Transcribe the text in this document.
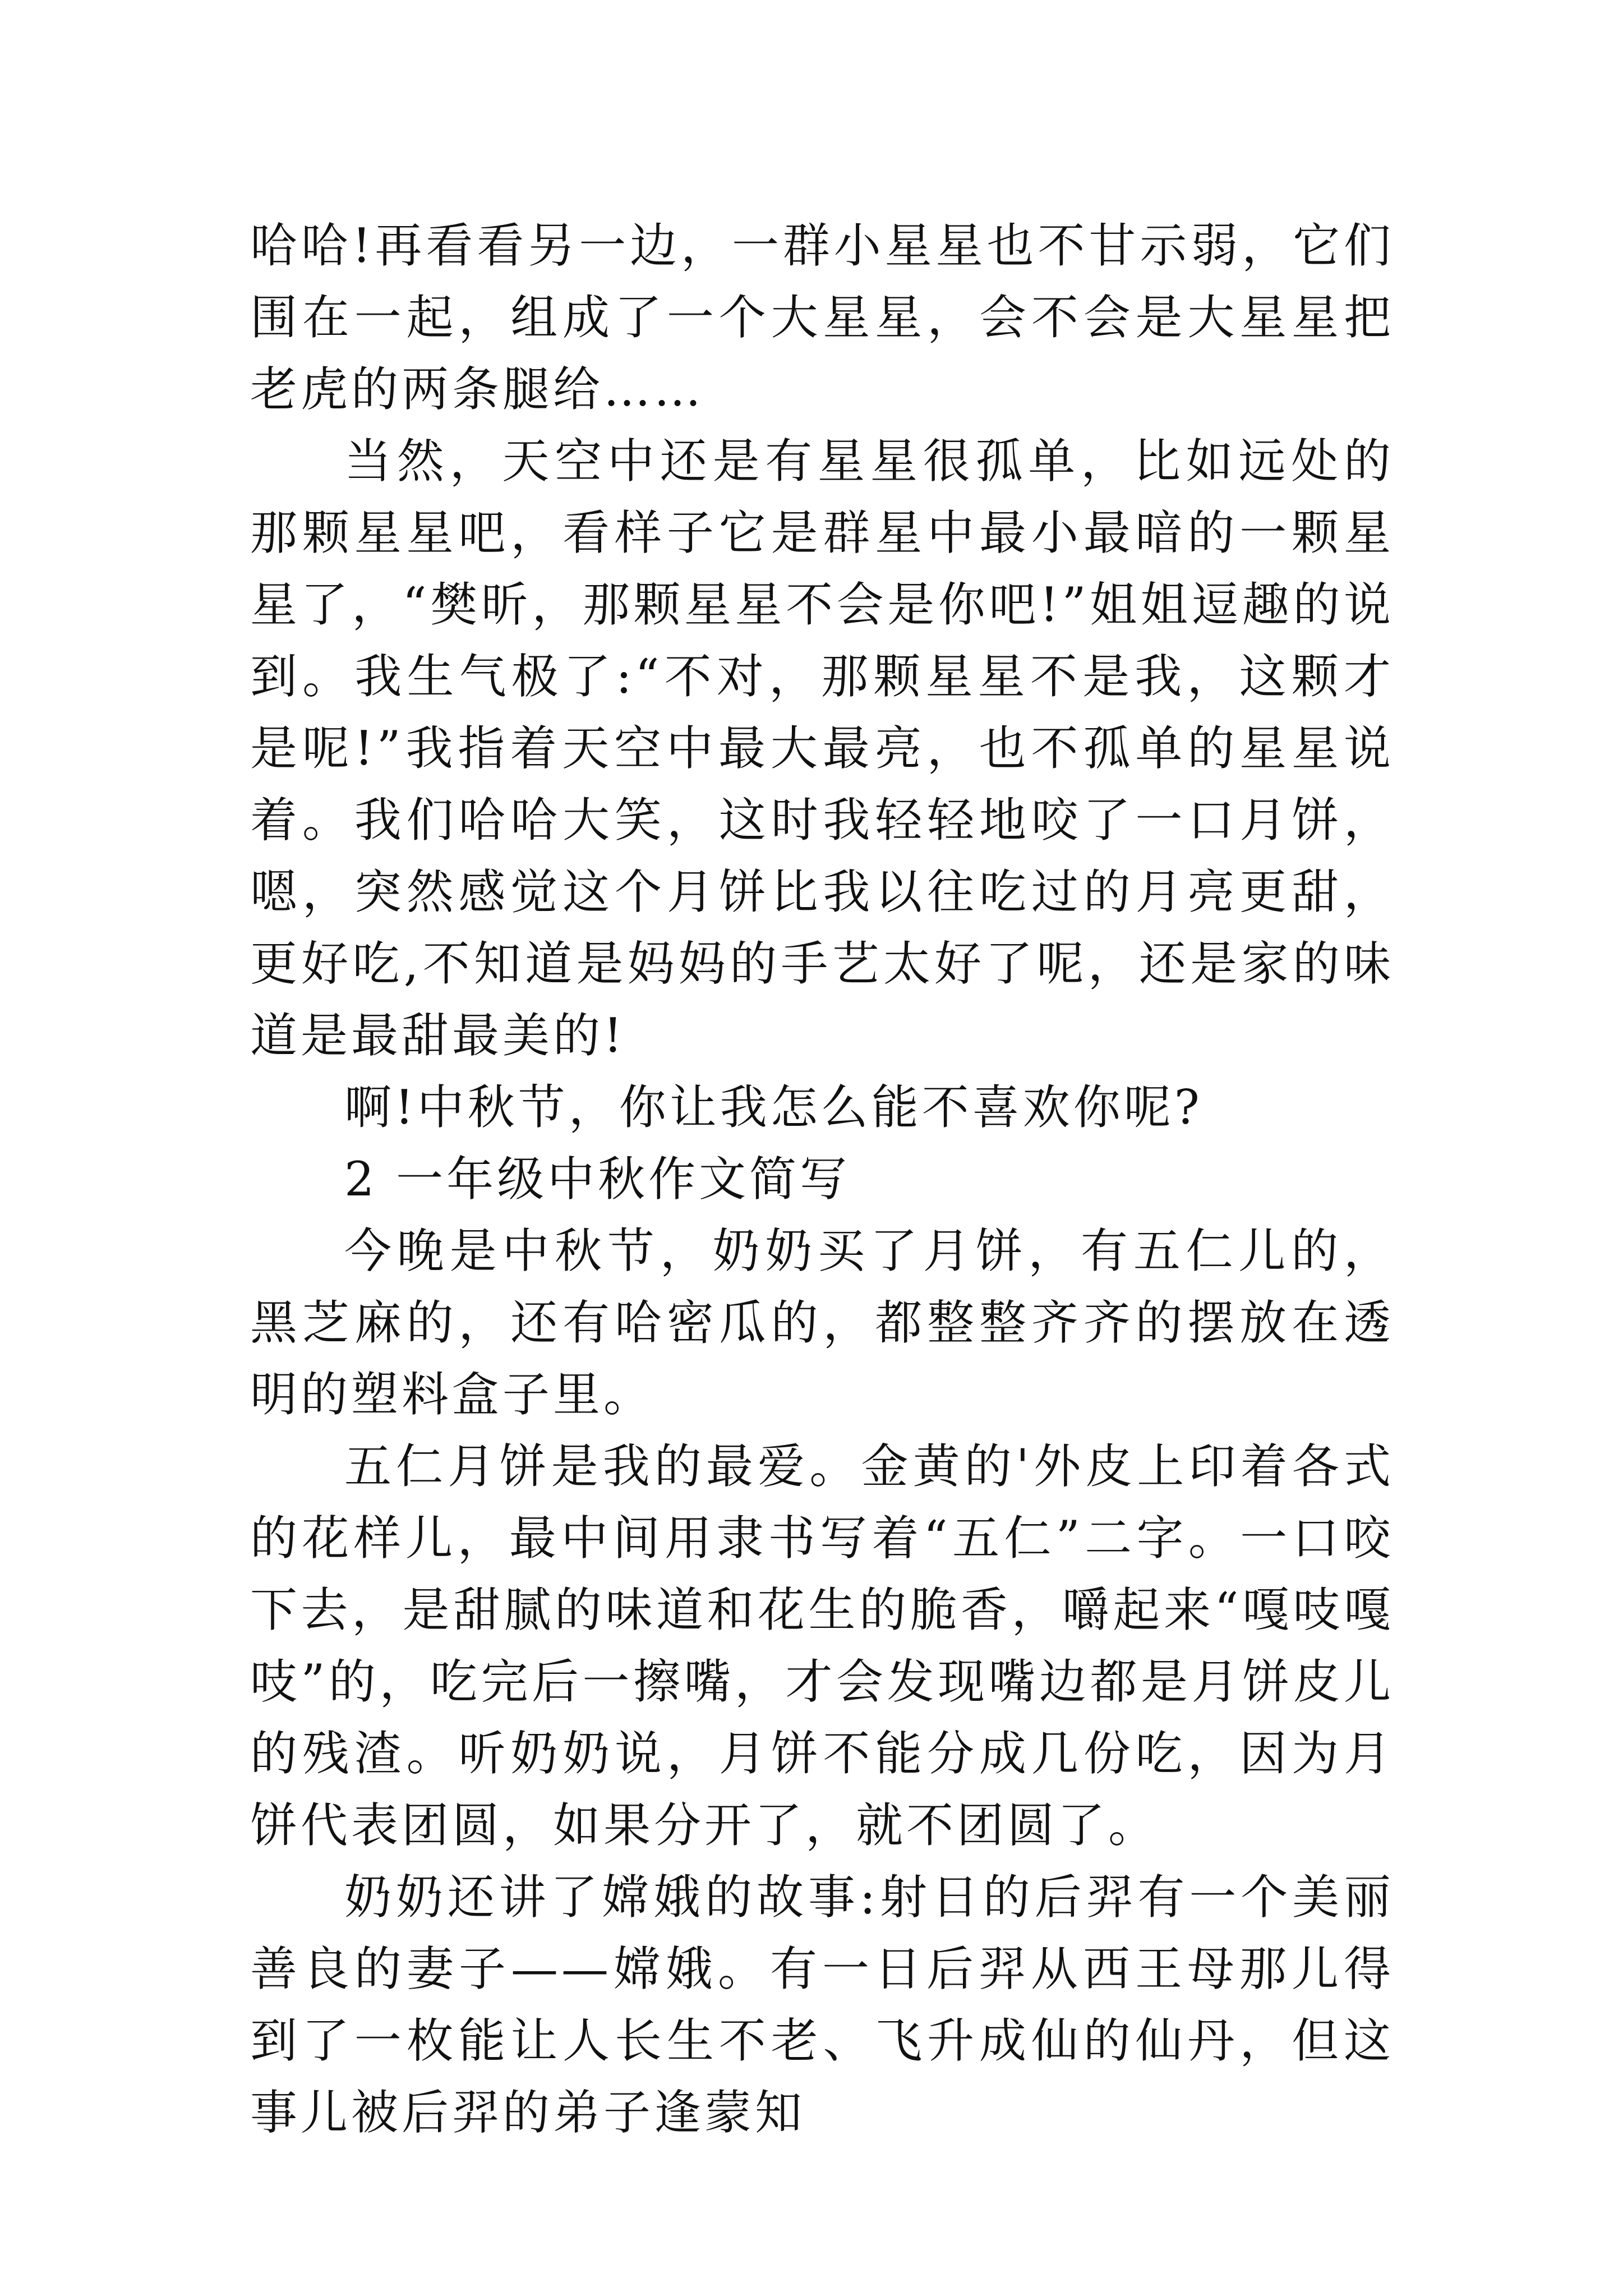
哈哈!再看看另一边，一群小星星也不甘示弱，它们围在一起，组成了一个大星星，会不会是大星星把老虎的两条腿给……

当然，天空中还是有星星很孤单，比如远处的那颗星星吧，看样子它是群星中最小最暗的一颗星星了，“樊昕，那颗星星不会是你吧!”姐姐逗趣的说到。我生气极了:“不对，那颗星星不是我，这颗才是呢!”我指着天空中最大最亮，也不孤单的星星说着。我们哈哈大笑，这时我轻轻地咬了一口月饼，嗯，突然感觉这个月饼比我以往吃过的月亮更甜，更好吃,不知道是妈妈的手艺太好了呢，还是家的味道是最甜最美的!

啊!中秋节，你让我怎么能不喜欢你呢?

2 一年级中秋作文简写

今晚是中秋节，奶奶买了月饼，有五仁儿的，黑芝麻的，还有哈密瓜的，都整整齐齐的摆放在透明的塑料盒子里。

五仁月饼是我的最爱。金黄的'外皮上印着各式的花样儿，最中间用隶书写着“五仁”二字。一口咬下去，是甜腻的味道和花生的脆香，嚼起来“嘎吱嘎吱”的，吃完后一擦嘴，才会发现嘴边都是月饼皮儿的残渣。听奶奶说，月饼不能分成几份吃，因为月饼代表团圆，如果分开了，就不团圆了。

奶奶还讲了嫦娥的故事:射日的后羿有一个美丽善良的妻子——嫦娥。有一日后羿从西王母那儿得到了一枚能让人长生不老、飞升成仙的仙丹，但这事儿被后羿的弟子逢蒙知
